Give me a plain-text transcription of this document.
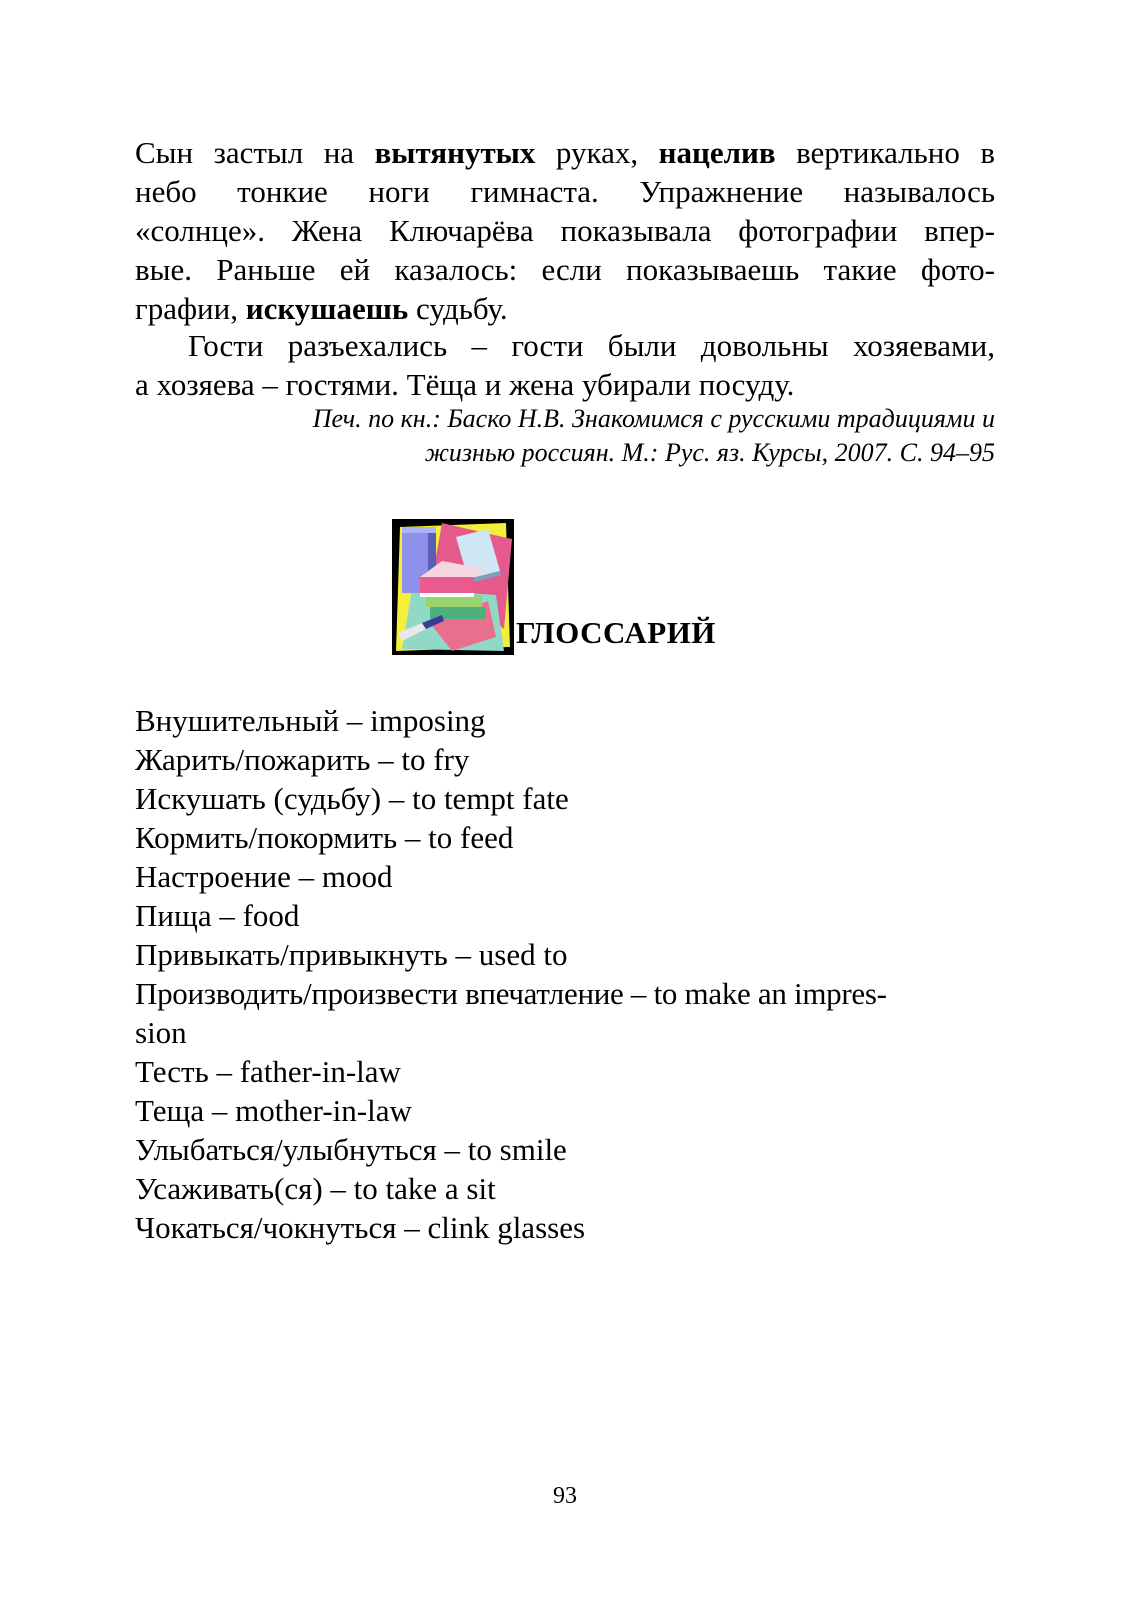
Сын застыл на вытянутых руках, нацелив вертикально в
небо тонкие ноги гимнаста. Упражнение называлось
«солнце». Жена Ключарёва показывала фотографии впер-
вые. Раньше ей казалось: если показываешь такие фото-
графии, искушаешь судьбу.

Гости разъехались – гости были довольны хозяевами,
а хозяева – гостями. Тёща и жена убирали посуду.

Печ. по кн.: Баско Н.В. Знакомимся с русскими традициями и
жизнью россиян. М.: Рус. яз. Курсы, 2007. С. 94–95
ГЛОССАРИЙ
Внушительный – imposing
Жарить/пожарить – to fry
Искушать (судьбу) – to tempt fate
Кормить/покормить – to feed
Настроение – mood
Пища – food
Привыкать/привыкнуть – used to
Производить/произвести впечатление – to make an impres-
sion
Тесть – father-in-law
Теща – mother-in-law
Улыбаться/улыбнуться – to smile
Усаживать(ся) – to take a sit
Чокаться/чокнуться – clink glasses
93
